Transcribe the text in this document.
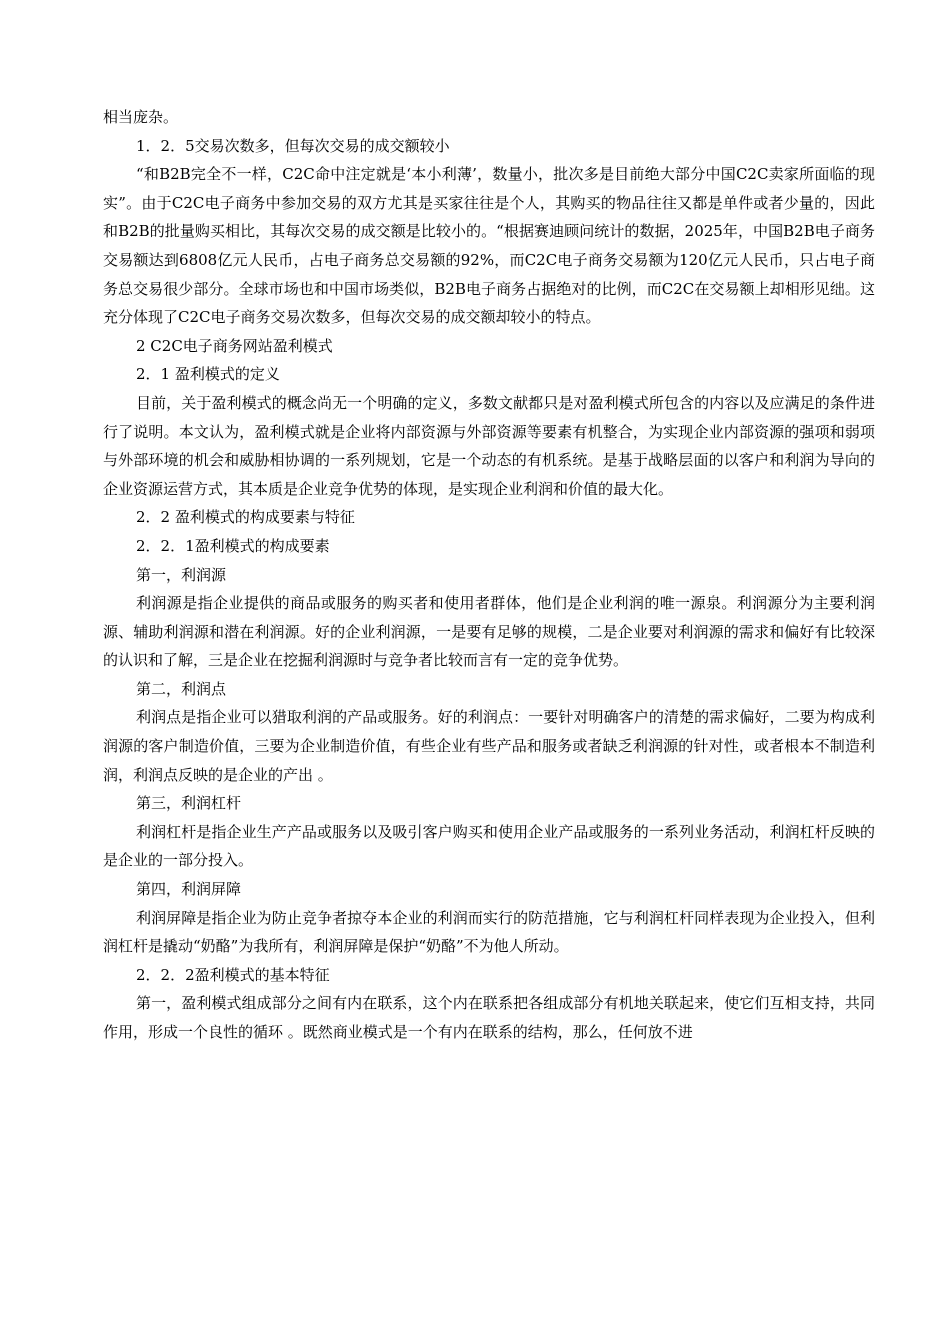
相当庞杂。

1．2．5交易次数多，但每次交易的成交额较小

“和B2B完全不一样，C2C命中注定就是‘本小利薄’，数量小，批次多是目前绝大部分中国C2C卖家所面临的现实”。由于C2C电子商务中参加交易的双方尤其是买家往往是个人，其购买的物品往往又都是单件或者少量的，因此和B2B的批量购买相比，其每次交易的成交额是比较小的。“根据赛迪顾问统计的数据，2025年，中国B2B电子商务交易额达到6808亿元人民币，占电子商务总交易额的92%，而C2C电子商务交易额为120亿元人民币，只占电子商务总交易很少部分。全球市场也和中国市场类似，B2B电子商务占据绝对的比例，而C2C在交易额上却相形见绌。这充分体现了C2C电子商务交易次数多，但每次交易的成交额却较小的特点。

2 C2C电子商务网站盈利模式

2．1 盈利模式的定义

目前，关于盈利模式的概念尚无一个明确的定义，多数文献都只是对盈利模式所包含的内容以及应满足的条件进行了说明。本文认为，盈利模式就是企业将内部资源与外部资源等要素有机整合，为实现企业内部资源的强项和弱项与外部环境的机会和威胁相协调的一系列规划，它是一个动态的有机系统。是基于战略层面的以客户和利润为导向的企业资源运营方式，其本质是企业竞争优势的体现，是实现企业利润和价值的最大化。

2．2 盈利模式的构成要素与特征

2．2．1盈利模式的构成要素

第一，利润源

利润源是指企业提供的商品或服务的购买者和使用者群体，他们是企业利润的唯一源泉。利润源分为主要利润源、辅助利润源和潜在利润源。好的企业利润源，一是要有足够的规模，二是企业要对利润源的需求和偏好有比较深的认识和了解，三是企业在挖掘利润源时与竞争者比较而言有一定的竞争优势。

第二，利润点

利润点是指企业可以猎取利润的产品或服务。好的利润点：一要针对明确客户的清楚的需求偏好，二要为构成利润源的客户制造价值，三要为企业制造价值，有些企业有些产品和服务或者缺乏利润源的针对性，或者根本不制造利润，利润点反映的是企业的产出 。

第三，利润杠杆

利润杠杆是指企业生产产品或服务以及吸引客户购买和使用企业产品或服务的一系列业务活动，利润杠杆反映的是企业的一部分投入。

第四，利润屏障

利润屏障是指企业为防止竞争者掠夺本企业的利润而实行的防范措施，它与利润杠杆同样表现为企业投入，但利润杠杆是撬动“奶酪”为我所有，利润屏障是保护“奶酪”不为他人所动。

2．2．2盈利模式的基本特征

第一，盈利模式组成部分之间有内在联系，这个内在联系把各组成部分有机地关联起来，使它们互相支持，共同作用，形成一个良性的循环 。既然商业模式是一个有内在联系的结构，那么，任何放不进
